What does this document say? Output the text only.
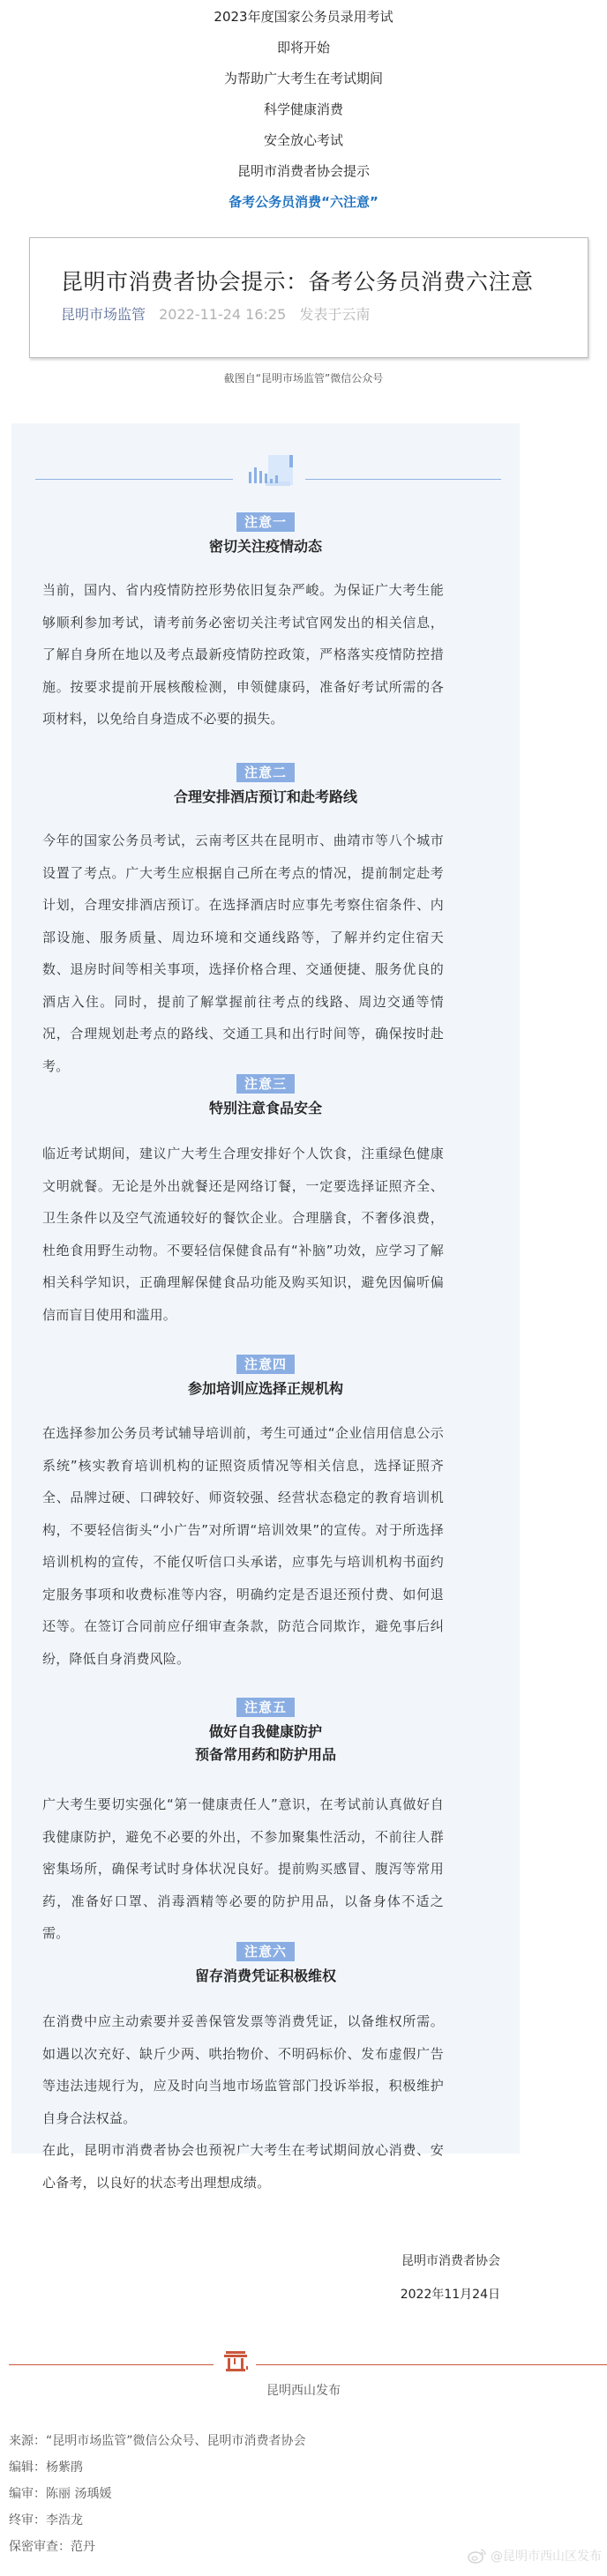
2023年度国家公务员录用考试

即将开始

为帮助广大考生在考试期间

科学健康消费

安全放心考试

昆明市消费者协会提示

备考公务员消费“六注意”
昆明市消费者协会提示：备考公务员消费六注意
昆明市场监管 2022-11-24 16:25 发表于云南
截图自“昆明市场监管”微信公众号
注意一
密切关注疫情动态
当前，国内、省内疫情防控形势依旧复杂严峻。为保证广大考生能够顺利参加考试，请考前务必密切关注考试官网发出的相关信息，了解自身所在地以及考点最新疫情防控政策，严格落实疫情防控措施。按要求提前开展核酸检测，申领健康码，准备好考试所需的各项材料，以免给自身造成不必要的损失。
注意二
合理安排酒店预订和赴考路线
今年的国家公务员考试，云南考区共在昆明市、曲靖市等八个城市设置了考点。广大考生应根据自己所在考点的情况，提前制定赴考计划，合理安排酒店预订。在选择酒店时应事先考察住宿条件、内部设施、服务质量、周边环境和交通线路等，了解并约定住宿天数、退房时间等相关事项，选择价格合理、交通便捷、服务优良的酒店入住。同时，提前了解掌握前往考点的线路、周边交通等情况，合理规划赴考点的路线、交通工具和出行时间等，确保按时赴考。
注意三
特别注意食品安全
临近考试期间，建议广大考生合理安排好个人饮食，注重绿色健康文明就餐。无论是外出就餐还是网络订餐，一定要选择证照齐全、卫生条件以及空气流通较好的餐饮企业。合理膳食，不奢侈浪费，杜绝食用野生动物。不要轻信保健食品有“补脑”功效，应学习了解相关科学知识，正确理解保健食品功能及购买知识，避免因偏听偏信而盲目使用和滥用。
注意四
参加培训应选择正规机构
在选择参加公务员考试辅导培训前，考生可通过“企业信用信息公示系统”核实教育培训机构的证照资质情况等相关信息，选择证照齐全、品牌过硬、口碑较好、师资较强、经营状态稳定的教育培训机构，不要轻信街头“小广告”对所谓“培训效果”的宣传。对于所选择培训机构的宣传，不能仅听信口头承诺，应事先与培训机构书面约定服务事项和收费标准等内容，明确约定是否退还预付费、如何退还等。在签订合同前应仔细审查条款，防范合同欺诈，避免事后纠纷，降低自身消费风险。
注意五
做好自我健康防护
预备常用药和防护用品
广大考生要切实强化“第一健康责任人”意识，在考试前认真做好自我健康防护，避免不必要的外出，不参加聚集性活动，不前往人群密集场所，确保考试时身体状况良好。提前购买感冒、腹泻等常用药，准备好口罩、消毒酒精等必要的防护用品，以备身体不适之需。
注意六
留存消费凭证积极维权
在消费中应主动索要并妥善保管发票等消费凭证，以备维权所需。如遇以次充好、缺斤少两、哄抬物价、不明码标价、发布虚假广告等违法违规行为，应及时向当地市场监管部门投诉举报，积极维护自身合法权益。
在此，昆明市消费者协会也预祝广大考生在考试期间放心消费、安心备考，以良好的状态考出理想成绩。
昆明市消费者协会
2022年11月24日
昆明西山发布
来源：“昆明市场监管”微信公众号、昆明市消费者协会
编辑：杨紫鹃
编审：陈丽 汤瑀媛
终审：李浩龙
保密审查：范丹
@昆明市西山区发布
